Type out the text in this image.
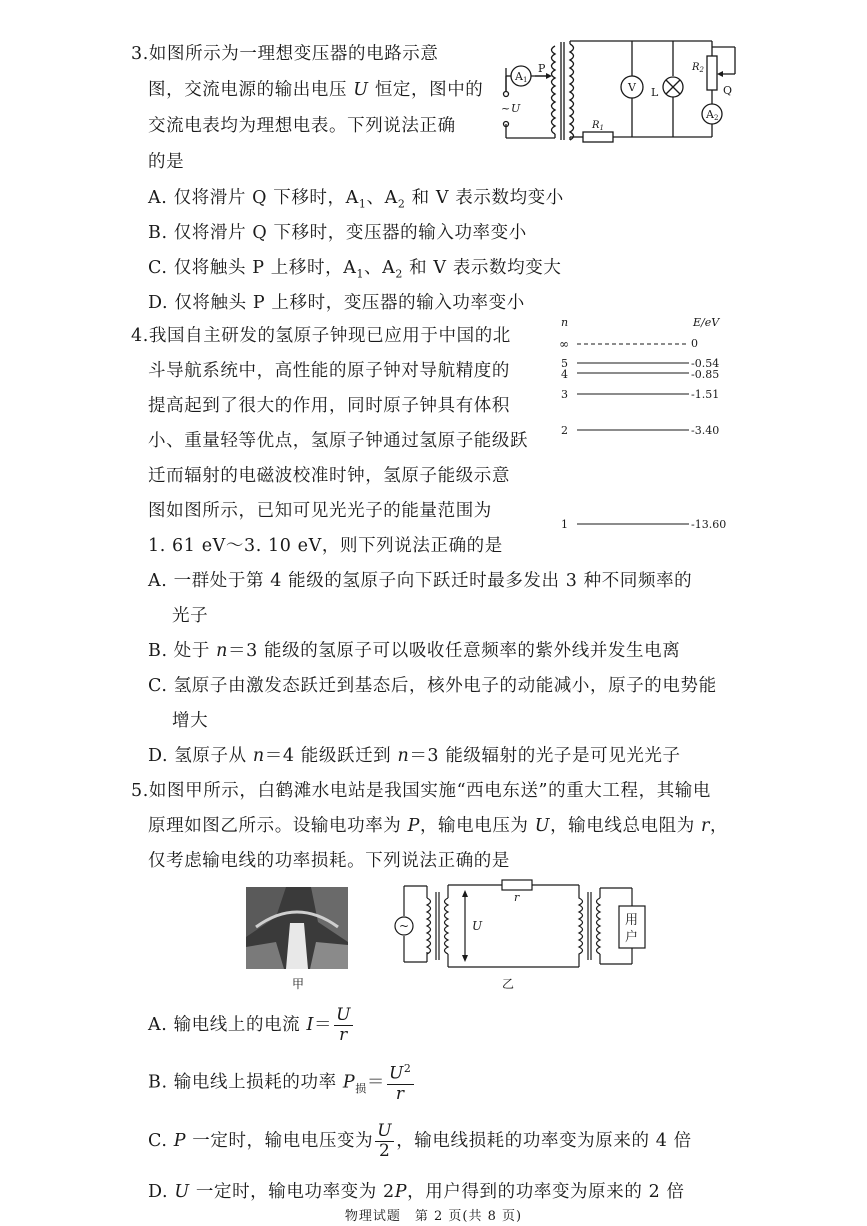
3.如图所示为一理想变压器的电路示意
图，交流电源的输出电压 U 恒定，图中的
交流电表均为理想电表。下列说法正确
的是
A. 仅将滑片 Q 下移时，$A_1$、$A_2$ 和 V 表示数均变小
B. 仅将滑片 Q 下移时，变压器的输入功率变小
C. 仅将触头 P 上移时，$A_1$、$A_2$ 和 V 表示数均变大
D. 仅将触头 P 上移时，变压器的输入功率变小
A1
P
~ U
V L
$R_1$
$R_2$
Q
A2
4.我国自主研发的氢原子钟现已应用于中国的北
斗导航系统中，高性能的原子钟对导航精度的
提高起到了很大的作用，同时原子钟具有体积
小、重量轻等优点，氢原子钟通过氢原子能级跃
迁而辐射的电磁波校准时钟，氢原子能级示意
图如图所示，已知可见光光子的能量范围为
1. 61 eV～3. 10 eV，则下列说法正确的是
A. 一群处于第 4 能级的氢原子向下跃迁时最多发出 3 种不同频率的
光子
B. 处于 n＝3 能级的氢原子可以吸收任意频率的紫外线并发生电离
C. 氢原子由激发态跃迁到基态后，核外电子的动能减小，原子的电势能
增大
D. 氢原子从 n＝4 能级跃迁到 n＝3 能级辐射的光子是可见光光子
n	E/eV
∞	0
5	-0.54
4	-0.85
3	-1.51
2	-3.40
1	-13.60
5.如图甲所示，白鹤滩水电站是我国实施“西电东送”的重大工程，其输电
原理如图乙所示。设输电功率为 P，输电电压为 U，输电线总电阻为 r，
仅考虑输电线的功率损耗。下列说法正确的是
甲
~	U
r
用
户
乙
A. 输电线上的电流 $I= \frac{U}{r}$
B. 输电线上损耗的功率 $P_损= \frac{U^2}{r}$
C. P 一定时，输电电压变为 $\frac{U}{2}$ ，输电线损耗的功率变为原来的 4 倍
D. U 一定时，输电功率变为 2P，用户得到的功率变为原来的 2 倍
物理试题　第 2 页(共 8 页)
